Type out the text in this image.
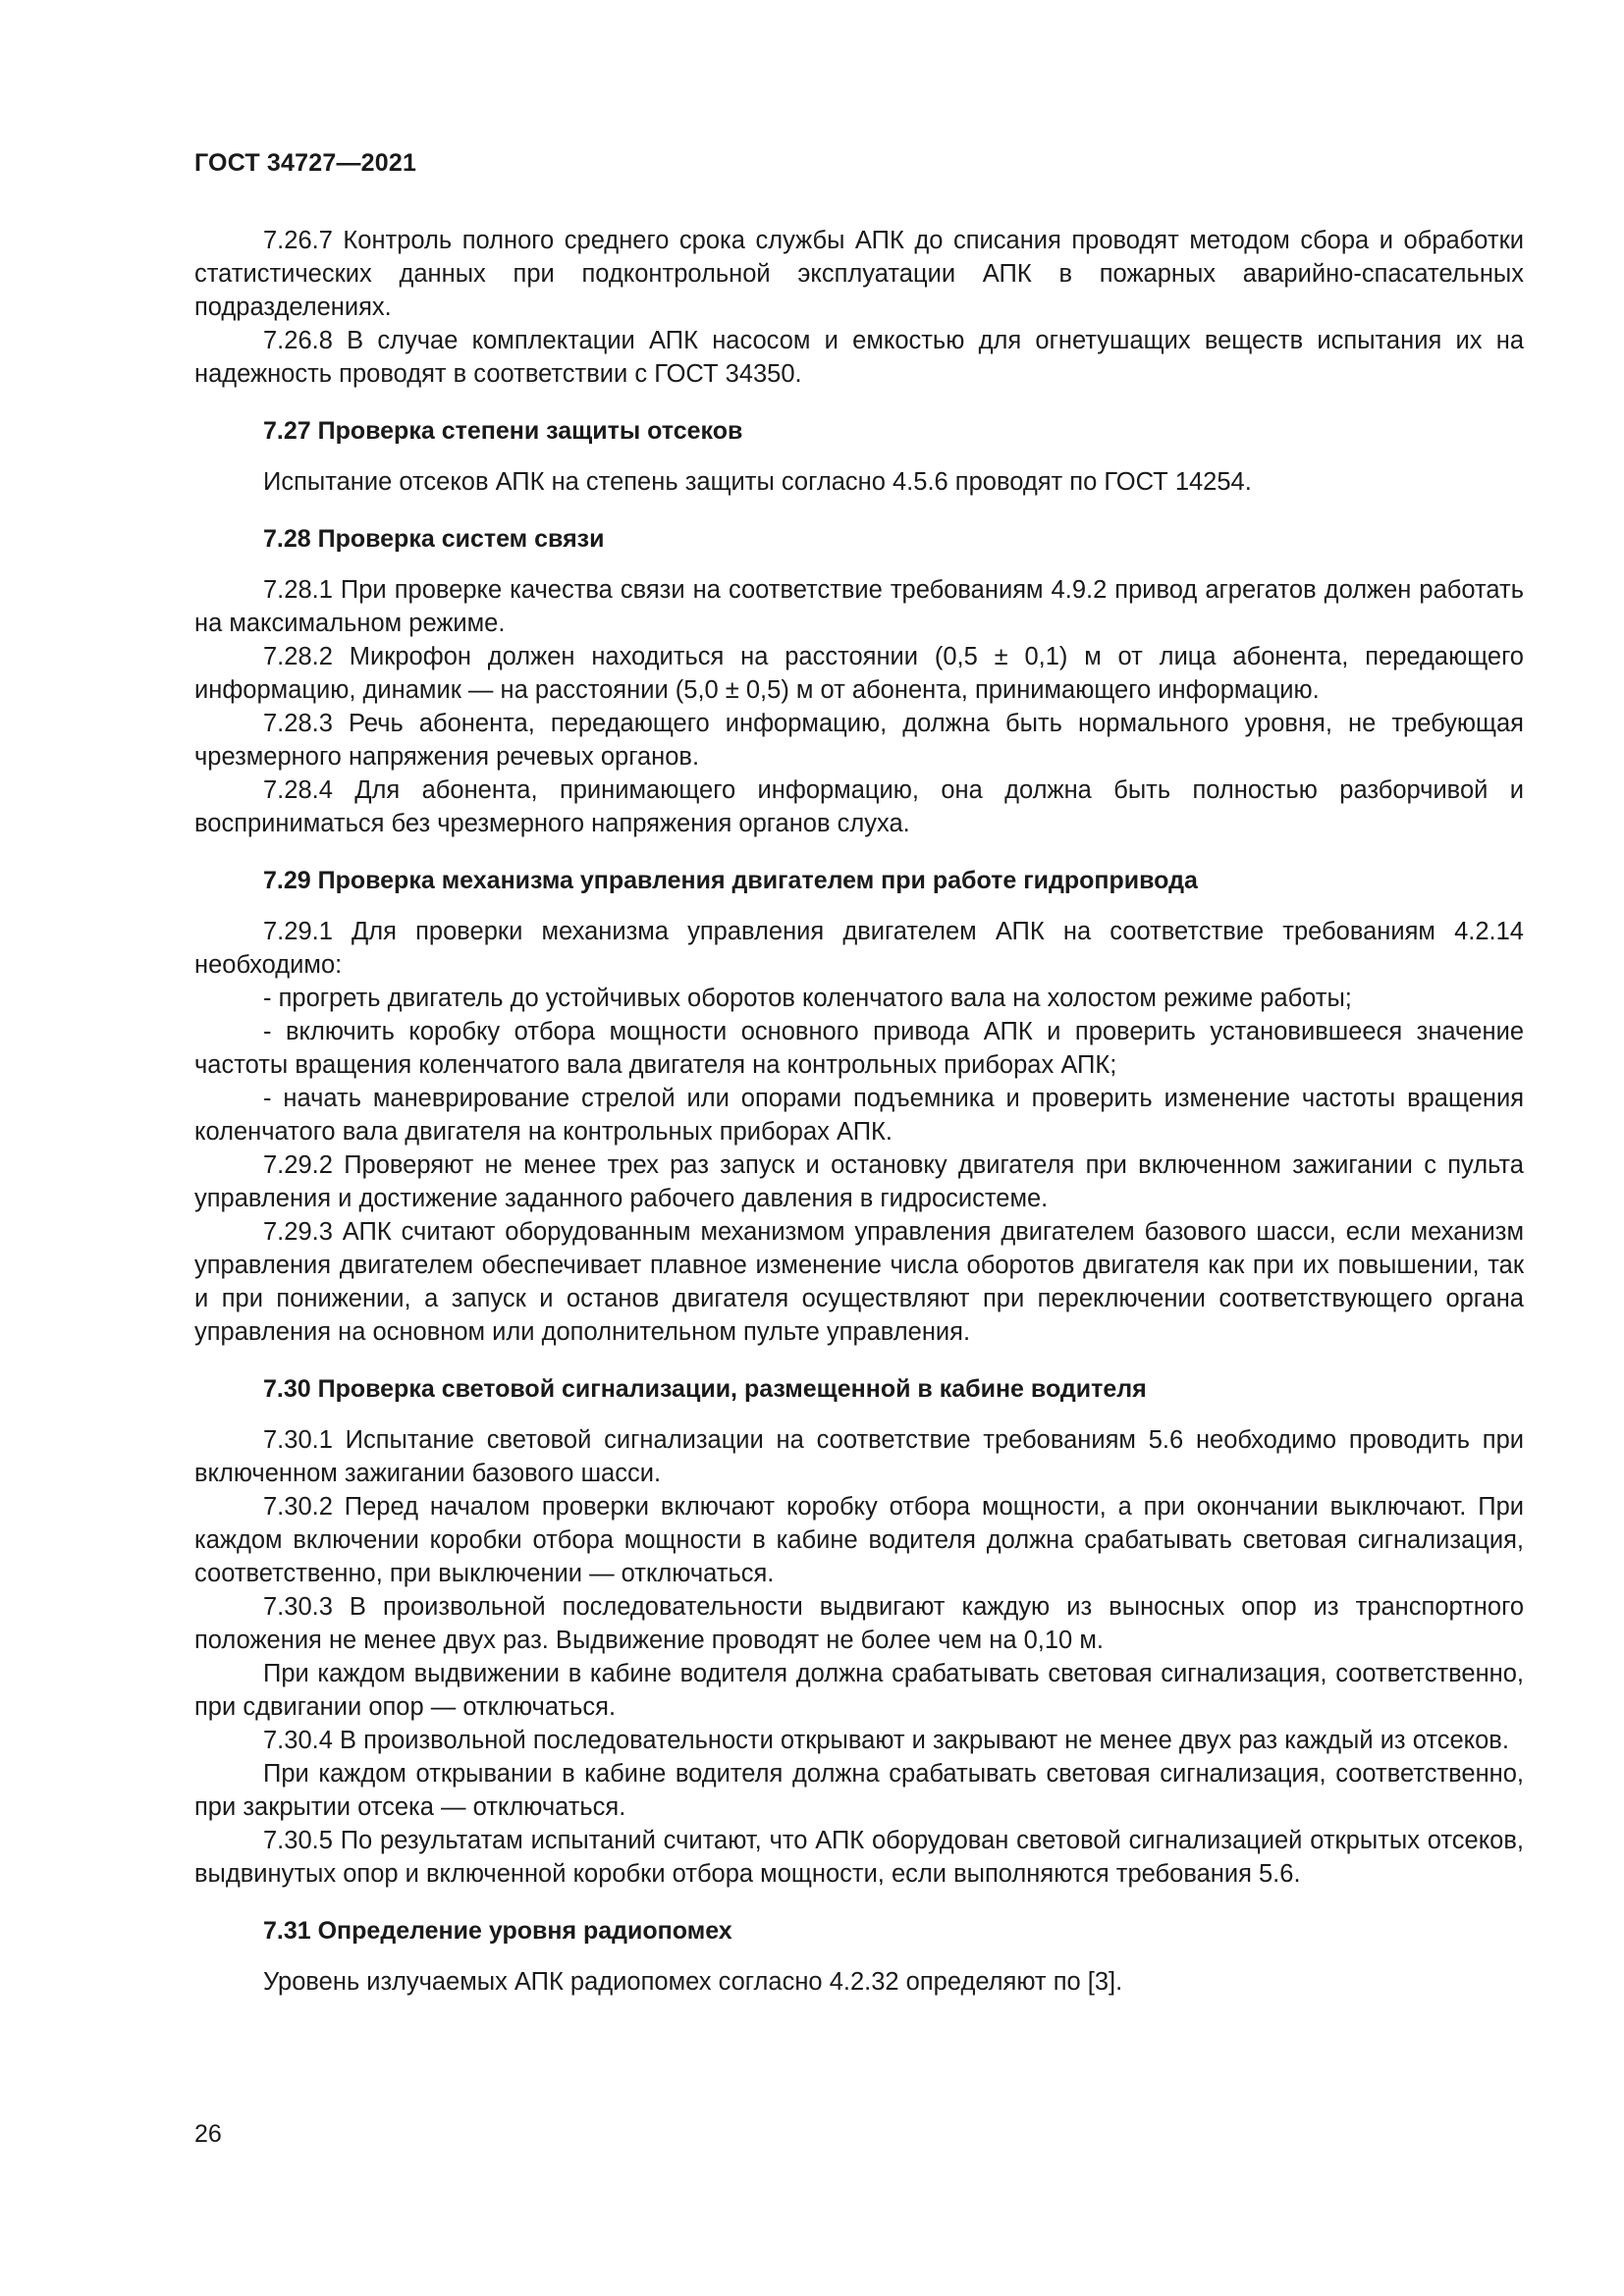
ГОСТ 34727—2021

7.26.7 Контроль полного среднего срока службы АПК до списания проводят методом сбора и обработки статистических данных при подконтрольной эксплуатации АПК в пожарных аварийно-спасательных подразделениях.

7.26.8 В случае комплектации АПК насосом и емкостью для огнетушащих веществ испытания их на надежность проводят в соответствии с ГОСТ 34350.

7.27 Проверка степени защиты отсеков

Испытание отсеков АПК на степень защиты согласно 4.5.6 проводят по ГОСТ 14254.

7.28 Проверка систем связи

7.28.1 При проверке качества связи на соответствие требованиям 4.9.2 привод агрегатов должен работать на максимальном режиме.

7.28.2 Микрофон должен находиться на расстоянии (0,5 ± 0,1) м от лица абонента, передающего информацию, динамик — на расстоянии (5,0 ± 0,5) м от абонента, принимающего информацию.

7.28.3 Речь абонента, передающего информацию, должна быть нормального уровня, не требующая чрезмерного напряжения речевых органов.

7.28.4 Для абонента, принимающего информацию, она должна быть полностью разборчивой и восприниматься без чрезмерного напряжения органов слуха.

7.29 Проверка механизма управления двигателем при работе гидропривода

7.29.1 Для проверки механизма управления двигателем АПК на соответствие требованиям 4.2.14 необходимо:

- прогреть двигатель до устойчивых оборотов коленчатого вала на холостом режиме работы;

- включить коробку отбора мощности основного привода АПК и проверить установившееся значение частоты вращения коленчатого вала двигателя на контрольных приборах АПК;

- начать маневрирование стрелой или опорами подъемника и проверить изменение частоты вращения коленчатого вала двигателя на контрольных приборах АПК.

7.29.2 Проверяют не менее трех раз запуск и остановку двигателя при включенном зажигании с пульта управления и достижение заданного рабочего давления в гидросистеме.

7.29.3 АПК считают оборудованным механизмом управления двигателем базового шасси, если механизм управления двигателем обеспечивает плавное изменение числа оборотов двигателя как при их повышении, так и при понижении, а запуск и останов двигателя осуществляют при переключении соответствующего органа управления на основном или дополнительном пульте управления.

7.30 Проверка световой сигнализации, размещенной в кабине водителя

7.30.1 Испытание световой сигнализации на соответствие требованиям 5.6 необходимо проводить при включенном зажигании базового шасси.

7.30.2 Перед началом проверки включают коробку отбора мощности, а при окончании выключают. При каждом включении коробки отбора мощности в кабине водителя должна срабатывать световая сигнализация, соответственно, при выключении — отключаться.

7.30.3 В произвольной последовательности выдвигают каждую из выносных опор из транспортного положения не менее двух раз. Выдвижение проводят не более чем на 0,10 м.

При каждом выдвижении в кабине водителя должна срабатывать световая сигнализация, соответственно, при сдвигании опор — отключаться.

7.30.4 В произвольной последовательности открывают и закрывают не менее двух раз каждый из отсеков.

При каждом открывании в кабине водителя должна срабатывать световая сигнализация, соответственно, при закрытии отсека — отключаться.

7.30.5 По результатам испытаний считают, что АПК оборудован световой сигнализацией открытых отсеков, выдвинутых опор и включенной коробки отбора мощности, если выполняются требования 5.6.

7.31 Определение уровня радиопомех

Уровень излучаемых АПК радиопомех согласно 4.2.32 определяют по [3].

26
